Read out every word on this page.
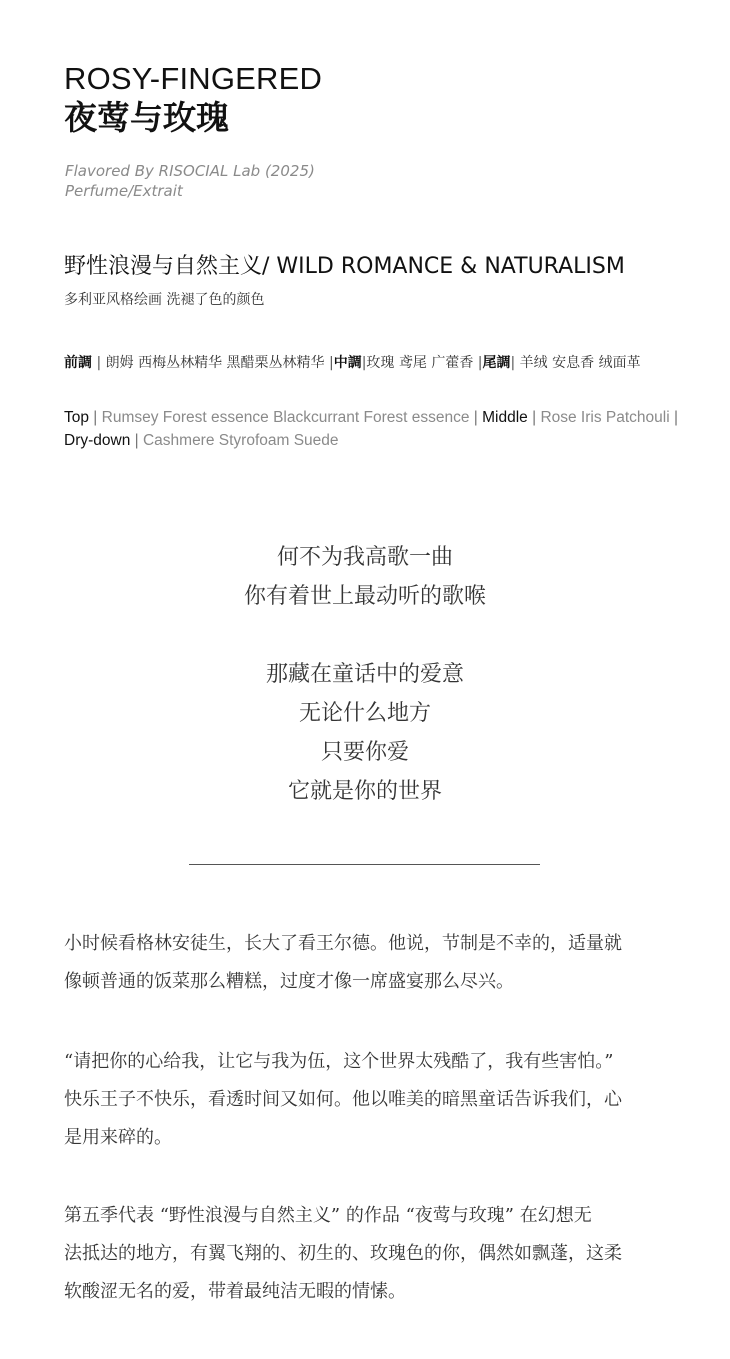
ROSY-FINGERED
夜莺与玫瑰
Flavored By RISOCIAL Lab (2025)
Perfume/Extrait
野性浪漫与自然主义/ WILD ROMANCE & NATURALISM
多利亚风格绘画 洗褪了色的颜色
前調 | 朗姆 西梅丛林精华 黑醋栗丛林精华 |中調|玫瑰 鸢尾 广藿香 |尾調| 羊绒 安息香 绒面革
Top | Rumsey Forest essence Blackcurrant Forest essence | Middle | Rose Iris Patchouli |
Dry-down | Cashmere Styrofoam Suede
何不为我高歌一曲
你有着世上最动听的歌喉
那藏在童话中的爱意
无论什么地方
只要你爱
它就是你的世界
小时候看格林安徒生，长大了看王尔德。他说，节制是不幸的，适量就
像顿普通的饭菜那么糟糕，过度才像一席盛宴那么尽兴。
“请把你的心给我，让它与我为伍，这个世界太残酷了，我有些害怕。”
快乐王子不快乐，看透时间又如何。他以唯美的暗黑童话告诉我们，心
是用来碎的。
第五季代表 “野性浪漫与自然主义” 的作品 “夜莺与玫瑰” 在幻想无
法抵达的地方，有翼飞翔的、初生的、玫瑰色的你，偶然如飘蓬，这柔
软酸涩无名的爱，带着最纯洁无暇的情愫。
